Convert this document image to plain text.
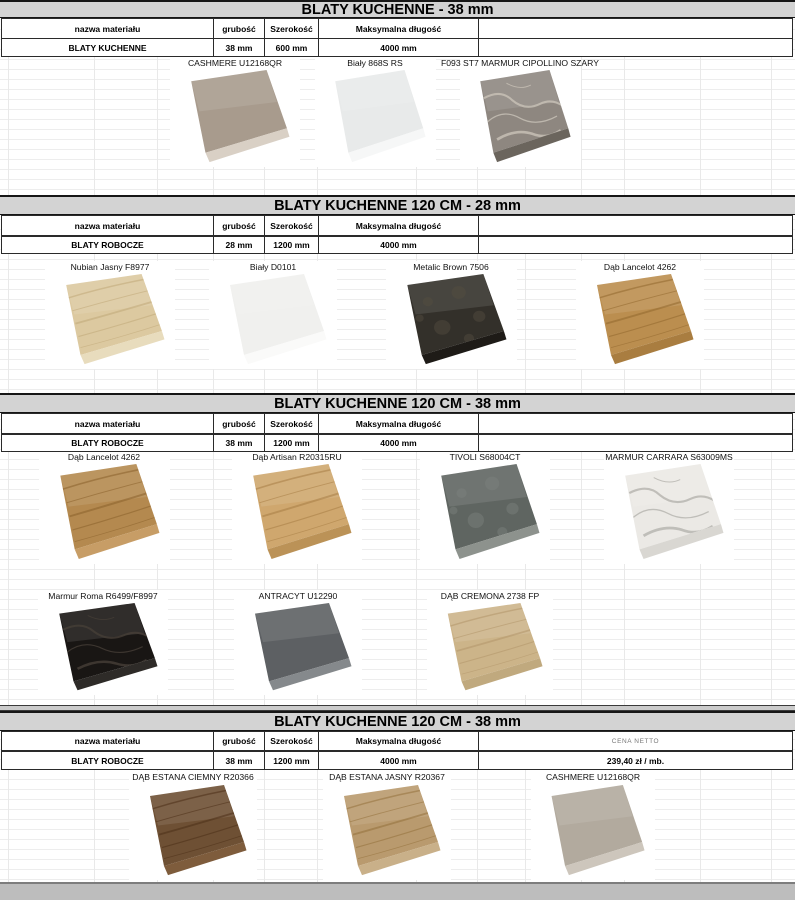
BLATY KUCHENNE - 38 mm
nazwa materiału	grubość	Szerokość	Maksymalna długość
BLATY KUCHENNE	38 mm	600 mm	4000 mm
BLATY KUCHENNE 120 CM - 28 mm
nazwa materiału	grubość	Szerokość	Maksymalna długość
BLATY ROBOCZE	28 mm	1200 mm	4000 mm
BLATY KUCHENNE 120 CM - 38 mm
nazwa materiału	grubość	Szerokość	Maksymalna długość
BLATY ROBOCZE	38 mm	1200 mm	4000 mm
BLATY KUCHENNE 120 CM - 38 mm
nazwa materiału	grubość	Szerokość	Maksymalna długość	CENA NETTO
BLATY ROBOCZE	38 mm	1200 mm	4000 mm	239,40 zł / mb.
CASHMERE U12168QR	Biały 868S RS	F093 ST7 MARMUR CIPOLLINO SZARY
Nubian Jasny F8977	Biały D0101	Metalic Brown 7506	Dąb Lancelot 4262
Dąb Lancelot 4262	Dąb Artisan R20315RU	TIVOLI S68004CT	MARMUR CARRARA S63009MS
Marmur Roma R6499/F8997	ANTRACYT U12290	DĄB CREMONA 2738 FP
DĄB ESTANA CIEMNY R20366	DĄB ESTANA JASNY R20367	CASHMERE U12168QR
